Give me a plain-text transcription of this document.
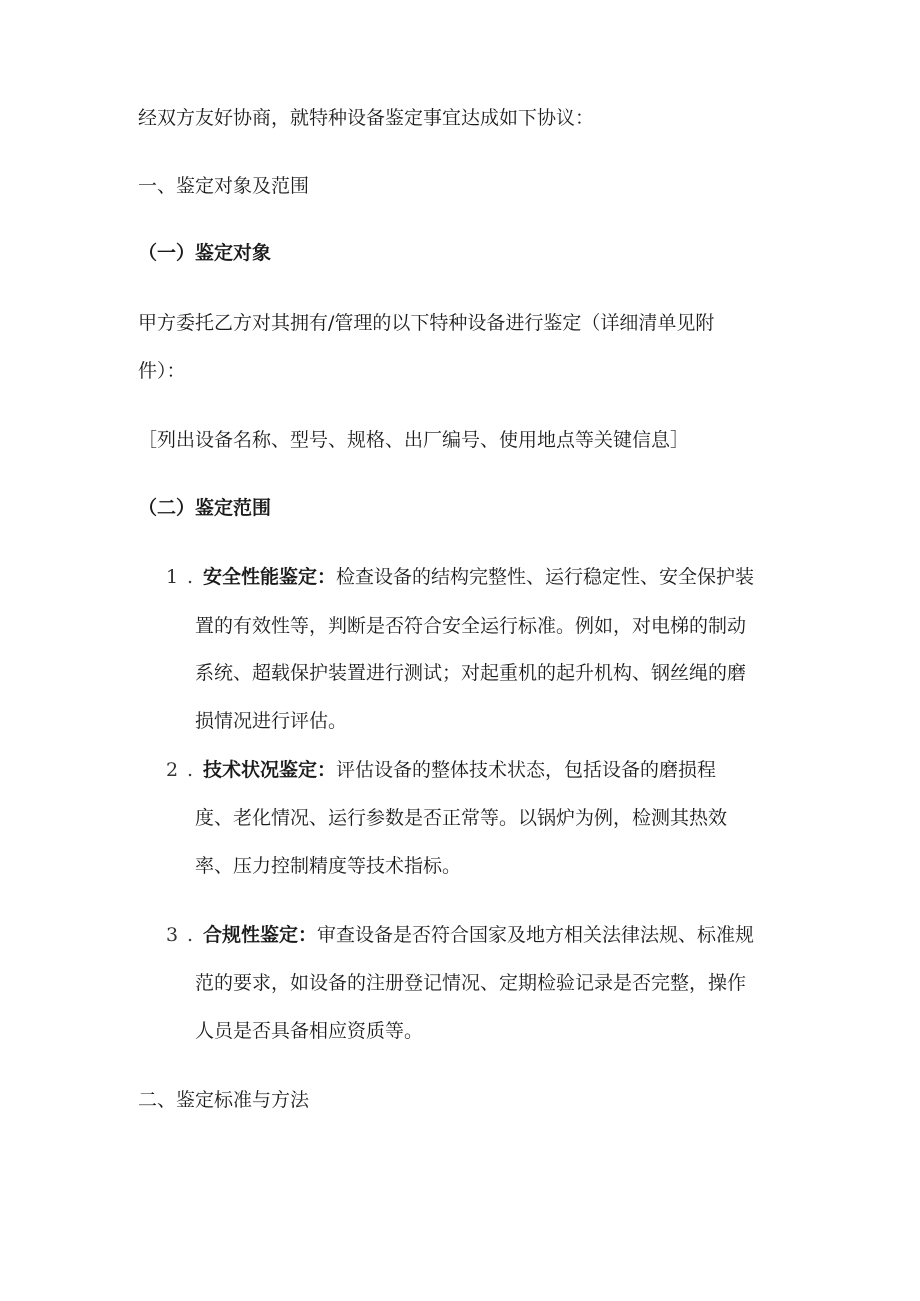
经双方友好协商，就特种设备鉴定事宜达成如下协议：
一、鉴定对象及范围
（一）鉴定对象
甲方委托乙方对其拥有/管理的以下特种设备进行鉴定（详细清单见附
件）：
［列出设备名称、型号、规格、出厂编号、使用地点等关键信息］
（二）鉴定范围
1 . 安全性能鉴定：检查设备的结构完整性、运行稳定性、安全保护装
置的有效性等，判断是否符合安全运行标准。例如，对电梯的制动
系统、超载保护装置进行测试；对起重机的起升机构、钢丝绳的磨
损情况进行评估。
2 . 技术状况鉴定：评估设备的整体技术状态，包括设备的磨损程
度、老化情况、运行参数是否正常等。以锅炉为例，检测其热效
率、压力控制精度等技术指标。
3 . 合规性鉴定：审查设备是否符合国家及地方相关法律法规、标准规
范的要求，如设备的注册登记情况、定期检验记录是否完整，操作
人员是否具备相应资质等。
二、鉴定标准与方法
